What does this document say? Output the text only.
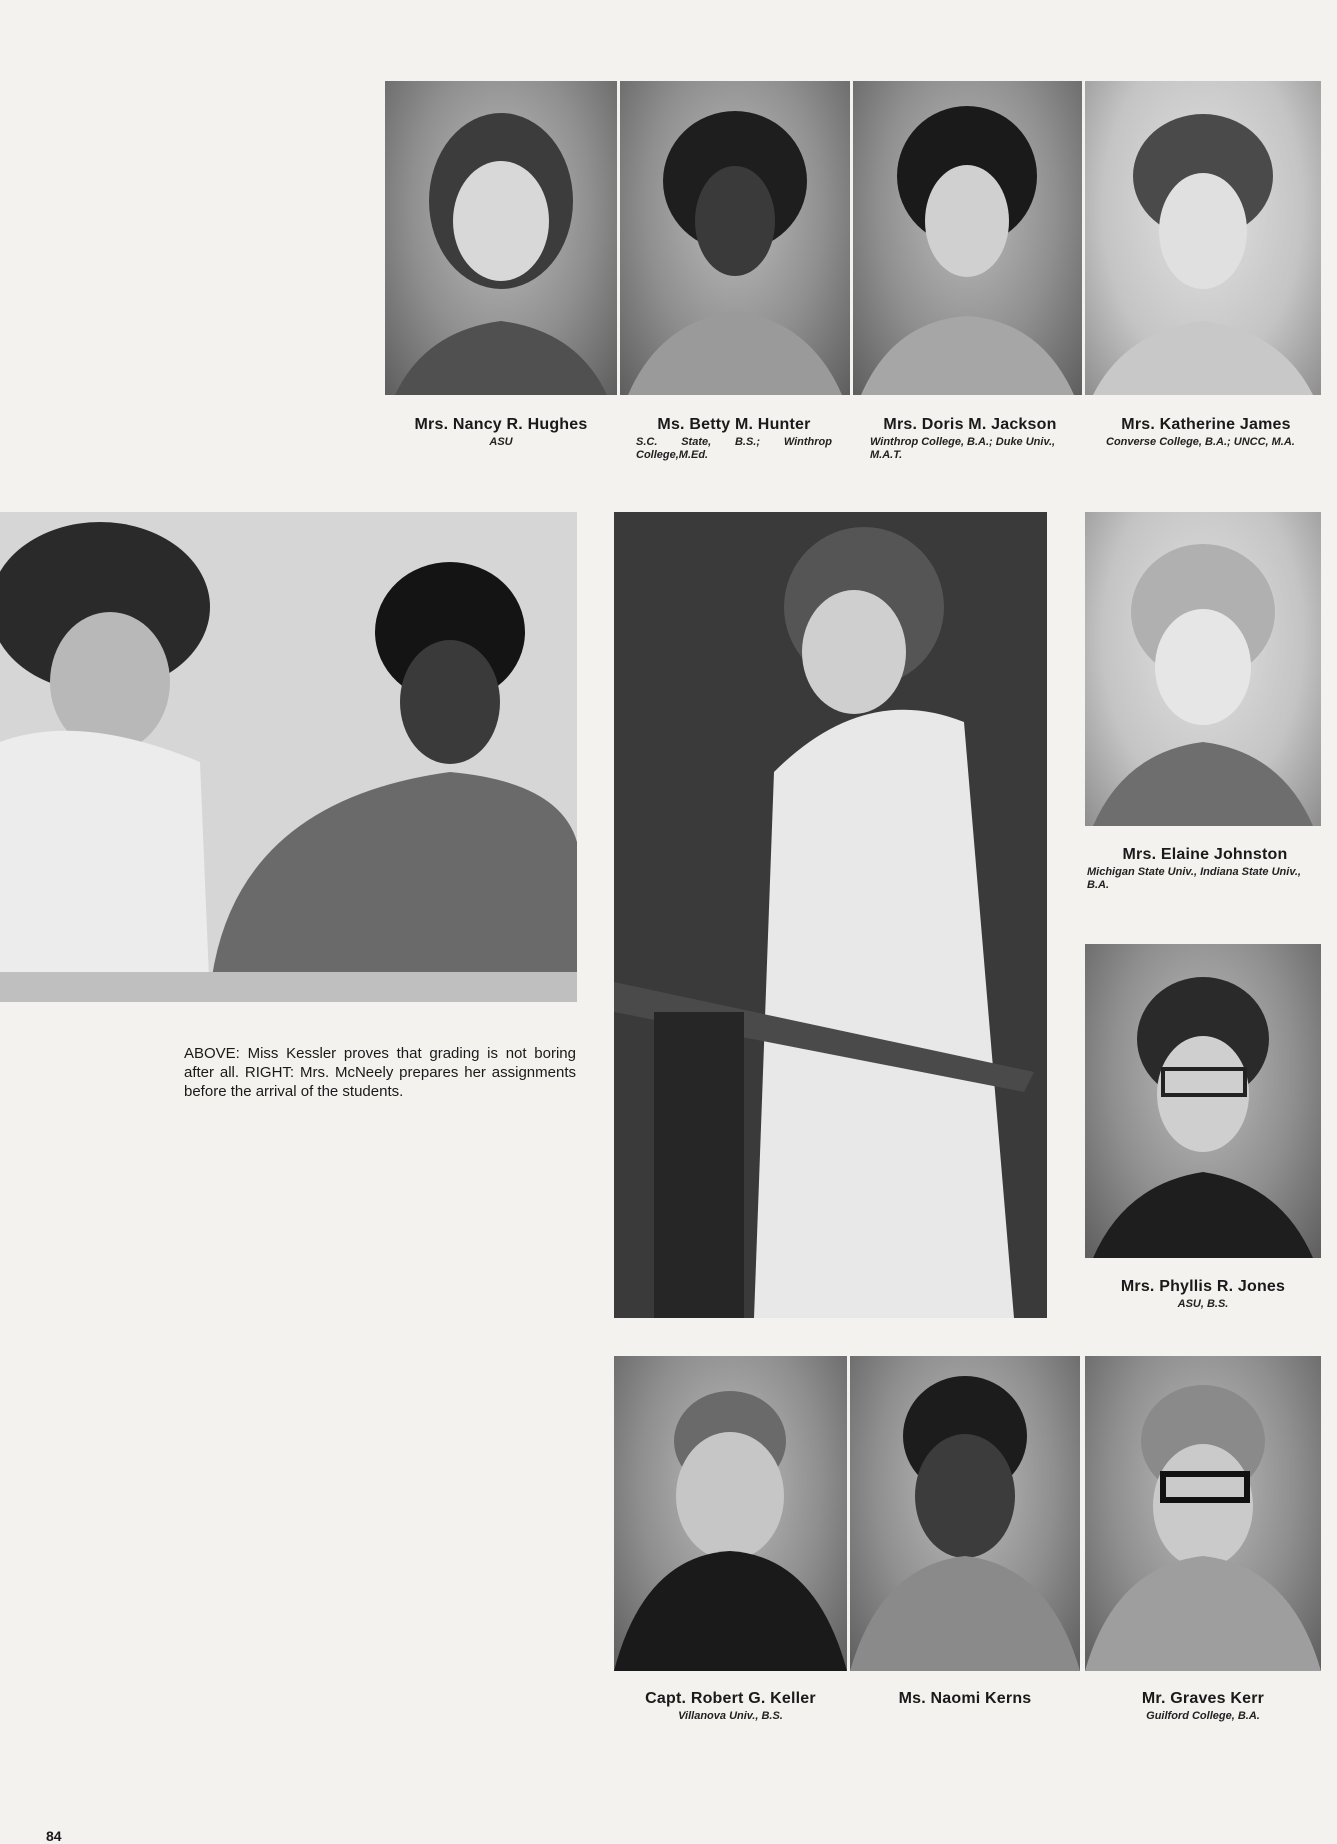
Mrs. Nancy R. Hughes
ASU
Ms. Betty M. Hunter
S.C. State, B.S.; Winthrop College,M.Ed.
Mrs. Doris M. Jackson
Winthrop College, B.A.; Duke Univ., M.A.T.
Mrs. Katherine James
Converse College, B.A.; UNCC, M.A.
ABOVE: Miss Kessler proves that grading is not boring after all. RIGHT: Mrs. McNeely prepares her assignments before the arrival of the students.
Mrs. Elaine Johnston
Michigan State Univ., Indiana State Univ., B.A.
Mrs. Phyllis R. Jones
ASU, B.S.
Capt. Robert G. Keller
Villanova Univ., B.S.
Ms. Naomi Kerns	Mr. Graves Kerr
Guilford College, B.A.
84
